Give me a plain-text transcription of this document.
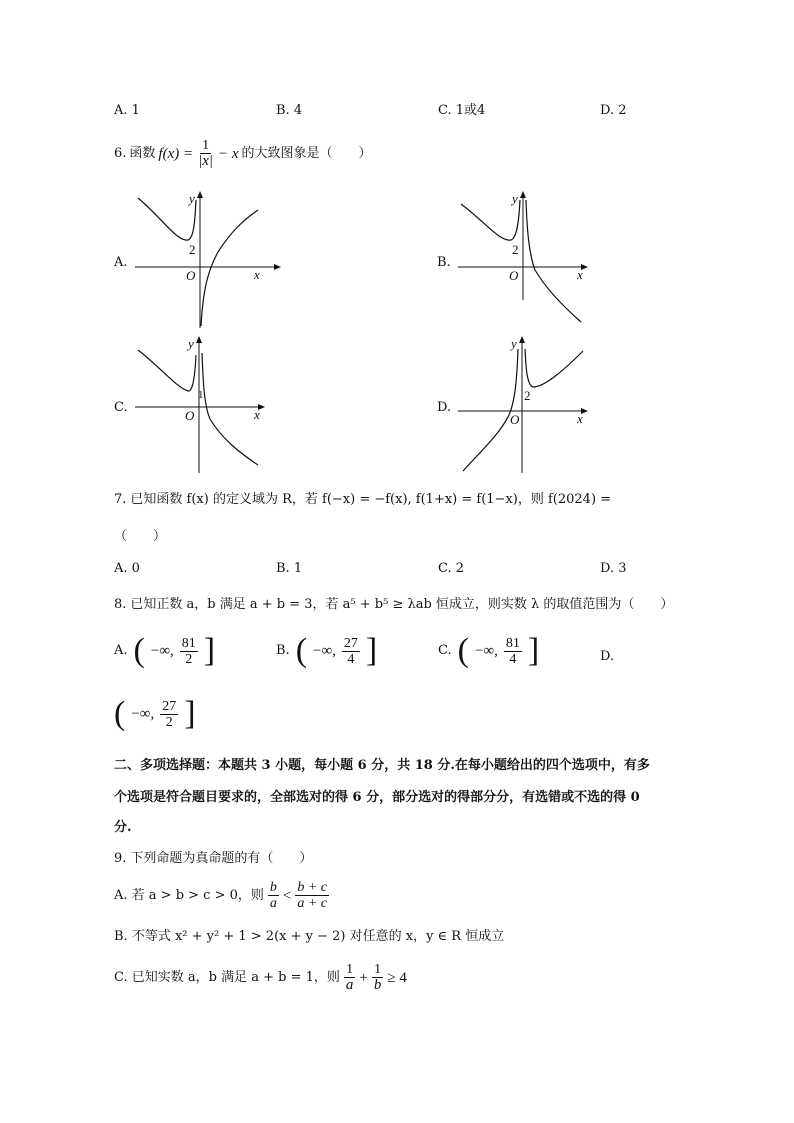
A. 1	B. 4	C. 1或4	D. 2
6. 函数 $f(x) = \frac{1}{|x|} - x$ 的大致图象是（　　）
A.	B.
C.	D.
y
x
O
2
y
x
O
2
y
x
O
1
y
x
O
2
7. 已知函数 f(x) 的定义域为 R，若 f(−x) = −f(x), f(1+x) = f(1−x)，则 f(2024) =
（　　）
A. 0	B. 1	C. 2	D. 3
8. 已知正数 a，b 满足 a + b = 3，若 a⁵ + b⁵ ≥ λab 恒成立，则实数 λ 的取值范围为（　　）
A. ( −∞, $\frac{81}{2}$ ]	B. ( −∞, $\frac{27}{4}$ ]	C. ( −∞, $\frac{81}{4}$ ]	D.
( −∞, $\frac{27}{2}$ ]
二、多项选择题：本题共 3 小题，每小题 6 分，共 18 分.在每小题给出的四个选项中，有多
个选项是符合题目要求的，全部选对的得 6 分，部分选对的得部分分，有选错或不选的得 0
分.
9. 下列命题为真命题的有（　　）
A. 若 a > b > c > 0，则 $\frac{b}{a} < \frac{b + c}{a + c}$
B. 不等式 x² + y² + 1 > 2(x + y − 2) 对任意的 x，y ∈ R 恒成立
C. 已知实数 a，b 满足 a + b = 1，则 $\frac{1}{a} + \frac{1}{b} \ge 4$
